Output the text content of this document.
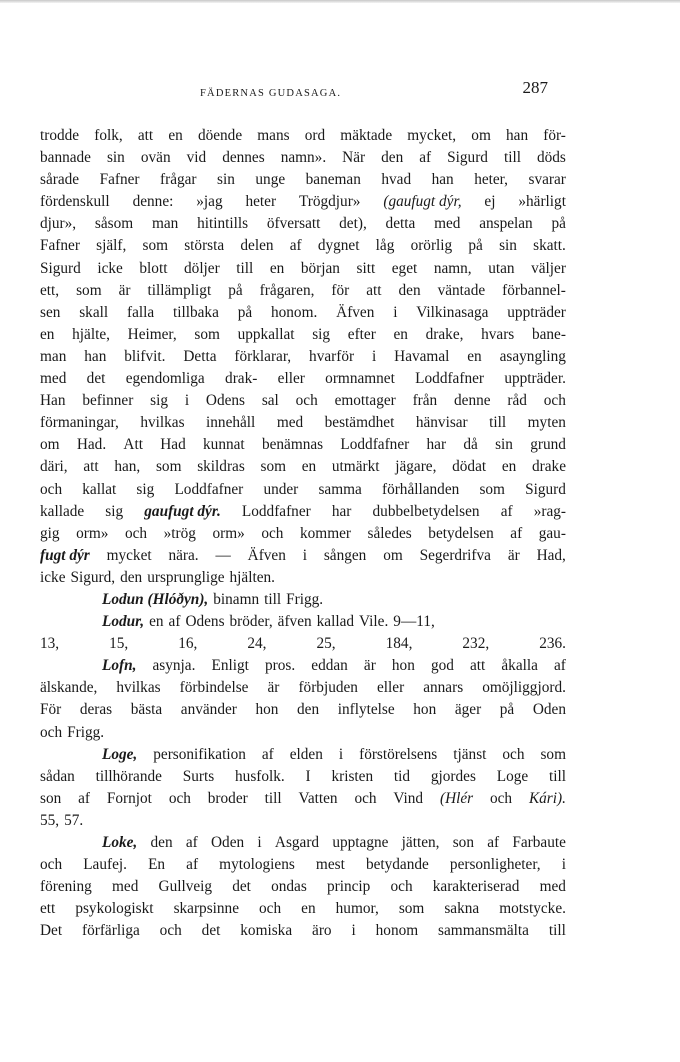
FÄDERNAS GUDASAGA.	287
trodde folk, att en döende mans ord mäktade mycket, om han för-
bannade sin ovän vid dennes namn». När den af Sigurd till döds
sårade Fafner frågar sin unge baneman hvad han heter, svarar
fördenskull denne: »jag heter Trögdjur» (gaufugt dýr, ej »härligt
djur», såsom man hitintills öfversatt det), detta med anspelan på
Fafner själf, som största delen af dygnet låg orörlig på sin skatt.
Sigurd icke blott döljer till en början sitt eget namn, utan väljer
ett, som är tillämpligt på frågaren, för att den väntade förbannel-
sen skall falla tillbaka på honom. Äfven i Vilkinasaga uppträder
en hjälte, Heimer, som uppkallat sig efter en drake, hvars bane-
man han blifvit. Detta förklarar, hvarför i Havamal en asayngling
med det egendomliga drak- eller ormnamnet Loddfafner uppträder.
Han befinner sig i Odens sal och emottager från denne råd och
förmaningar, hvilkas innehåll med bestämdhet hänvisar till myten
om Had. Att Had kunnat benämnas Loddfafner har då sin grund
däri, att han, som skildras som en utmärkt jägare, dödat en drake
och kallat sig Loddfafner under samma förhållanden som Sigurd
kallade sig gaufugt dýr. Loddfafner har dubbelbetydelsen af »rag-
gig orm» och »trög orm» och kommer således betydelsen af gau-
fugt dýr mycket nära. — Äfven i sången om Segerdrifva är Had,
icke Sigurd, den ursprunglige hjälten.
Lodun (Hlóðyn), binamn till Frigg.
Lodur, en af Odens bröder, äfven kallad Vile. 9—11,
13,	15,	16,	24,	25,	184,	232,	236.
Lofn, asynja. Enligt pros. eddan är hon god att åkalla af
älskande, hvilkas förbindelse är förbjuden eller annars omöjliggjord.
För deras bästa använder hon den inflytelse hon äger på Oden
och Frigg.
Loge, personifikation af elden i förstörelsens tjänst och som
sådan tillhörande Surts husfolk. I kristen tid gjordes Loge till
son af Fornjot och broder till Vatten och Vind (Hlér och Kári).
55, 57.
Loke, den af Oden i Asgard upptagne jätten, son af Farbaute
och Laufej. En af mytologiens mest betydande personligheter, i
förening med Gullveig det ondas princip och karakteriserad med
ett psykologiskt skarpsinne och en humor, som sakna motstycke.
Det förfärliga och det komiska äro i honom sammansmälta till
